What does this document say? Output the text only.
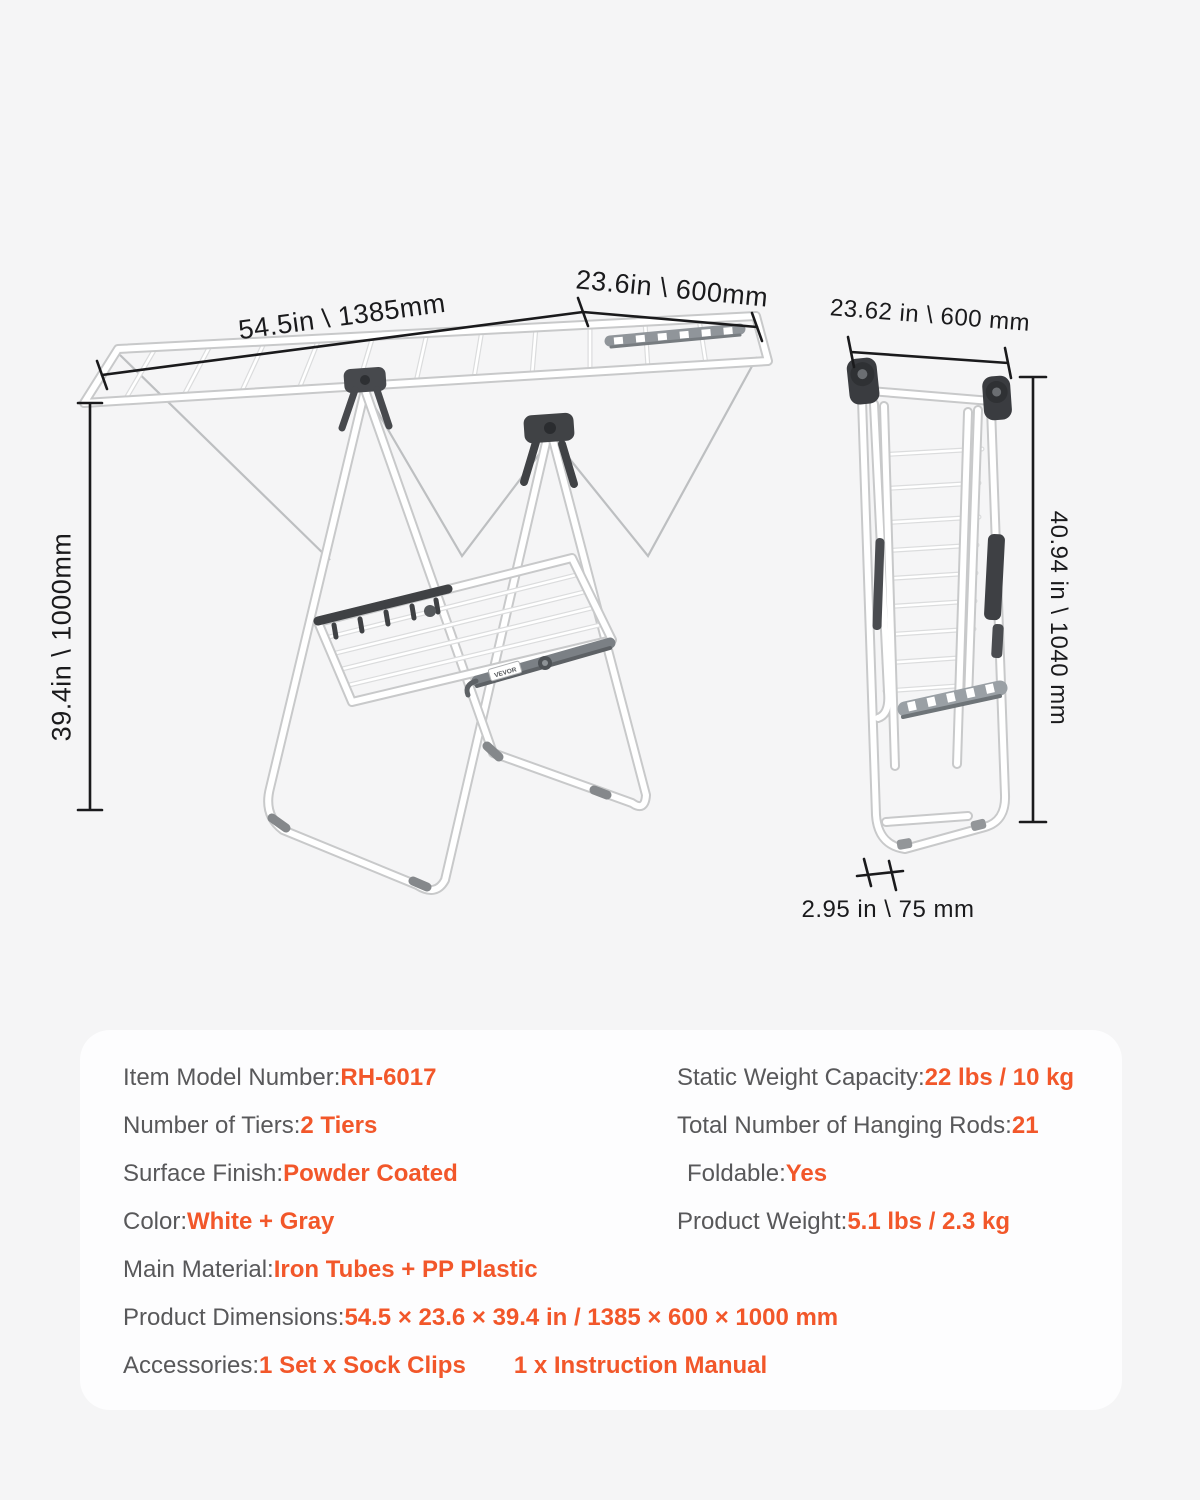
VEVOR
54.5in \ 1385mm	23.6in \ 600mm
39.4in \ 1000mm
23.62 in \ 600 mm
40.94 in \ 1040 mm
2.95 in \ 75 mm
Item Model Number: RH-6017
Number of Tiers: 2 Tiers
Surface Finish: Powder Coated
Color: White + Gray
Main Material: Iron Tubes + PP Plastic
Product Dimensions: 54.5 × 23.6 × 39.4 in / 1385 × 600 × 1000 mm
Accessories: 1 Set x Sock Clips 1 x Instruction Manual
Static Weight Capacity: 22 lbs / 10 kg
Total Number of Hanging Rods: 21
Foldable: Yes
Product Weight: 5.1 lbs / 2.3 kg
